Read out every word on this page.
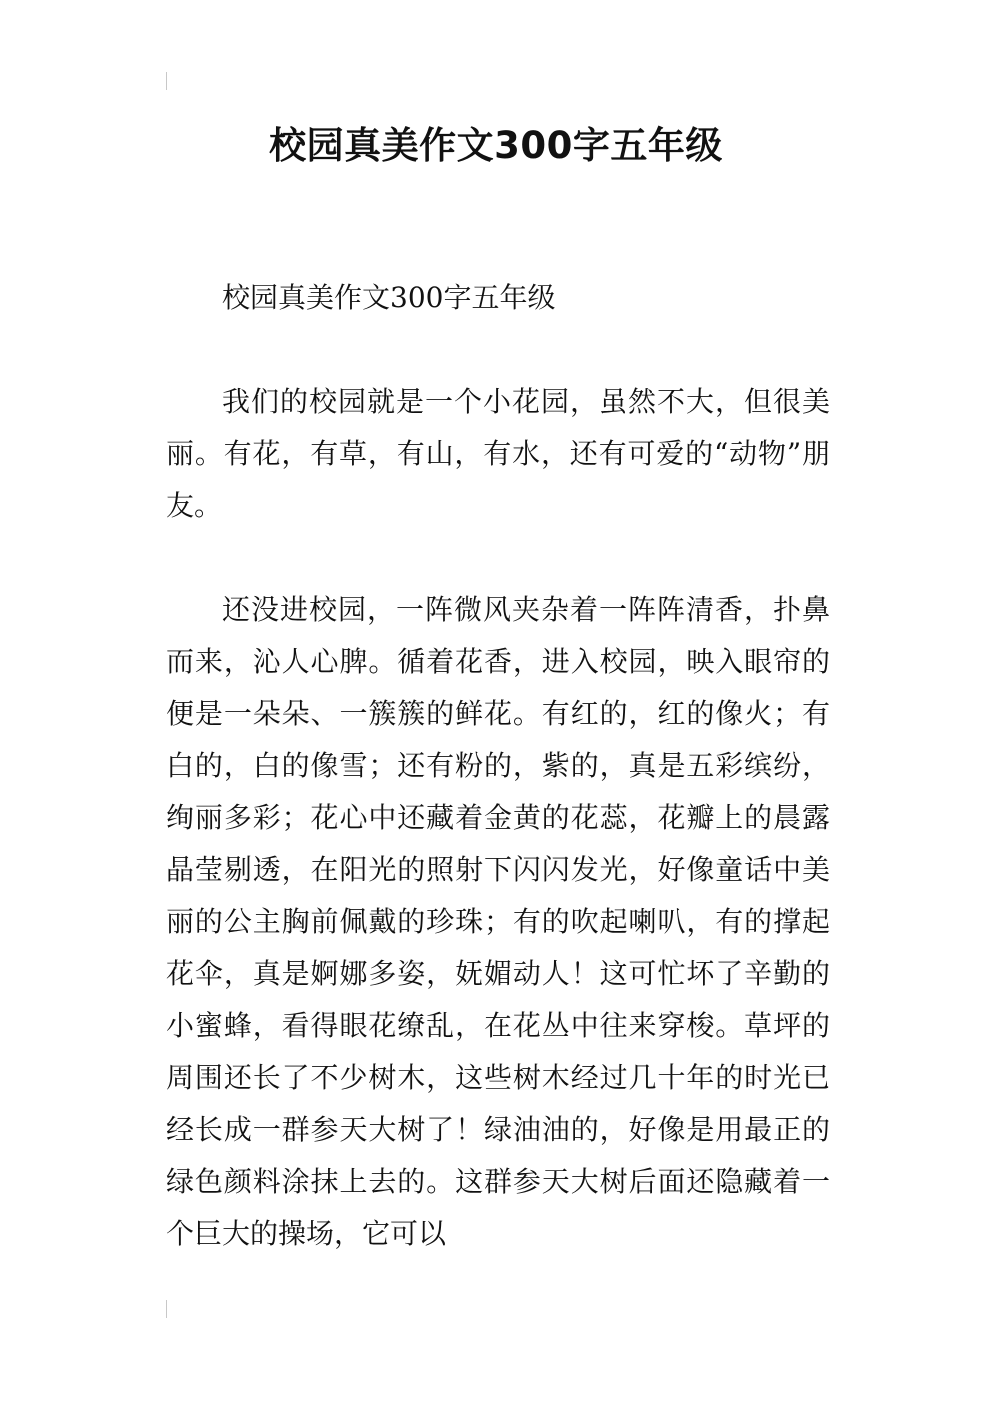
校园真美作文300字五年级

校园真美作文300字五年级

我们的校园就是一个小花园，虽然不大，但很美丽。有花，有草，有山，有水，还有可爱的“动物”朋友。

还没进校园，一阵微风夹杂着一阵阵清香，扑鼻而来，沁人心脾。循着花香，进入校园，映入眼帘的便是一朵朵、一簇簇的鲜花。有红的，红的像火；有白的，白的像雪；还有粉的，紫的，真是五彩缤纷，绚丽多彩；花心中还藏着金黄的花蕊，花瓣上的晨露晶莹剔透，在阳光的照射下闪闪发光，好像童话中美丽的公主胸前佩戴的珍珠；有的吹起喇叭，有的撑起花伞，真是婀娜多姿，妩媚动人！这可忙坏了辛勤的小蜜蜂，看得眼花缭乱，在花丛中往来穿梭。草坪的周围还长了不少树木，这些树木经过几十年的时光已经长成一群参天大树了！绿油油的，好像是用最正的绿色颜料涂抹上去的。这群参天大树后面还隐藏着一个巨大的操场，它可以
